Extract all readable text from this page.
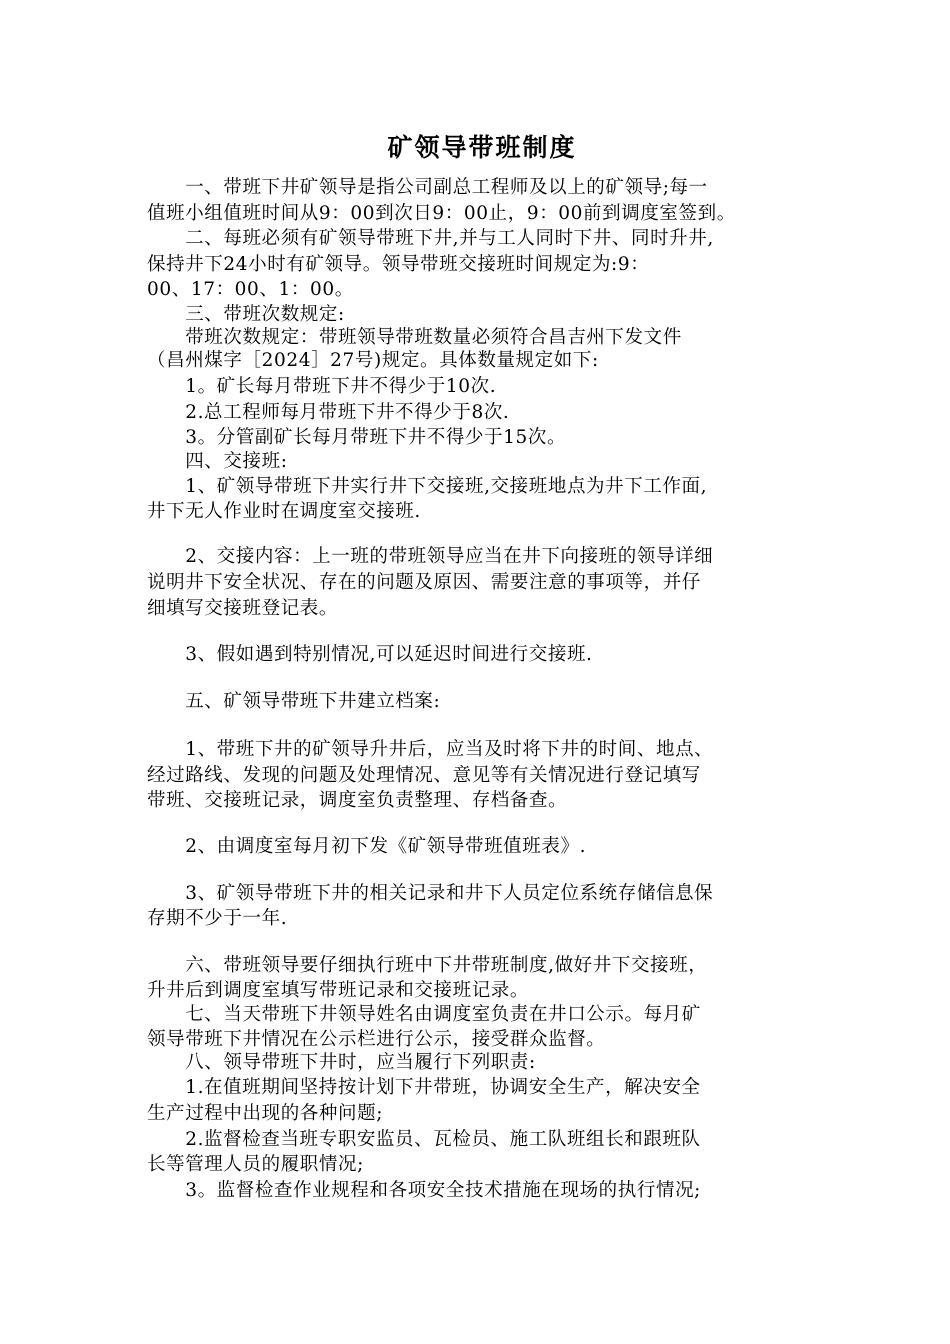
矿领导带班制度
　　一、带班下井矿领导是指公司副总工程师及以上的矿领导;每一
值班小组值班时间从9：00到次日9：00止，9：00前到调度室签到。
　　二、每班必须有矿领导带班下井,并与工人同时下井、同时升井,
保持井下24小时有矿领导。领导带班交接班时间规定为:9：
00、17：00、1：00。
　　三、带班次数规定:
　　带班次数规定：带班领导带班数量必须符合昌吉州下发文件
（昌州煤字［2024］27号)规定。具体数量规定如下:
　　1。矿长每月带班下井不得少于10次.
　　2.总工程师每月带班下井不得少于8次.
　　3。分管副矿长每月带班下井不得少于15次。
　　四、交接班:
　　1、矿领导带班下井实行井下交接班,交接班地点为井下工作面,
井下无人作业时在调度室交接班.
　　2、交接内容：上一班的带班领导应当在井下向接班的领导详细
说明井下安全状况、存在的问题及原因、需要注意的事项等，并仔
细填写交接班登记表。
　　3、假如遇到特别情况,可以延迟时间进行交接班.
　　五、矿领导带班下井建立档案:
　　1、带班下井的矿领导升井后，应当及时将下井的时间、地点、
经过路线、发现的问题及处理情况、意见等有关情况进行登记填写
带班、交接班记录，调度室负责整理、存档备查。
　　2、由调度室每月初下发《矿领导带班值班表》.
　　3、矿领导带班下井的相关记录和井下人员定位系统存储信息保
存期不少于一年.
　　六、带班领导要仔细执行班中下井带班制度,做好井下交接班，
升井后到调度室填写带班记录和交接班记录。
　　七、当天带班下井领导姓名由调度室负责在井口公示。每月矿
领导带班下井情况在公示栏进行公示，接受群众监督。
　　八、领导带班下井时，应当履行下列职责:
　　1.在值班期间坚持按计划下井带班，协调安全生产，解决安全
生产过程中出现的各种问题;
　　2.监督检查当班专职安监员、瓦检员、施工队班组长和跟班队
长等管理人员的履职情况;
　　3。监督检查作业规程和各项安全技术措施在现场的执行情况;
